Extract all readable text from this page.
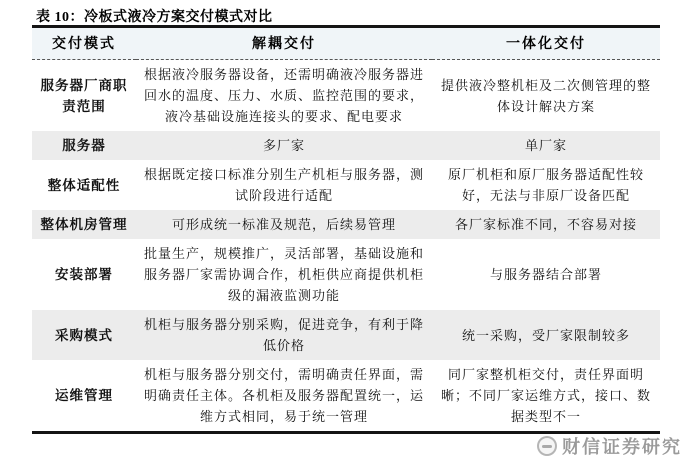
表 10：冷板式液冷方案交付模式对比
交付模式	解耦交付	一体化交付
服务器厂商职责范围	根据液冷服务器设备，还需明确液冷服务器进回水的温度、压力、水质、监控范围的要求，液冷基础设施连接头的要求、配电要求	提供液冷整机柜及二次侧管理的整体设计解决方案
服务器	多厂家	单厂家
整体适配性	根据既定接口标准分别生产机柜与服务器，测试阶段进行适配	原厂机柜和原厂服务器适配性较好，无法与非原厂设备匹配
整体机房管理	可形成统一标准及规范，后续易管理	各厂家标准不同，不容易对接
安装部署	批量生产，规模推广，灵活部署，基础设施和服务器厂家需协调合作，机柜供应商提供机柜级的漏液监测功能	与服务器结合部署
采购模式	机柜与服务器分别采购，促进竞争，有利于降低价格	统一采购，受厂家限制较多
运维管理	机柜与服务器分别交付，需明确责任界面，需明确责任主体。各机柜及服务器配置统一，运维方式相同，易于统一管理	同厂家整机柜交付，责任界面明晰；不同厂家运维方式，接口、数据类型不一
财信证券研究
